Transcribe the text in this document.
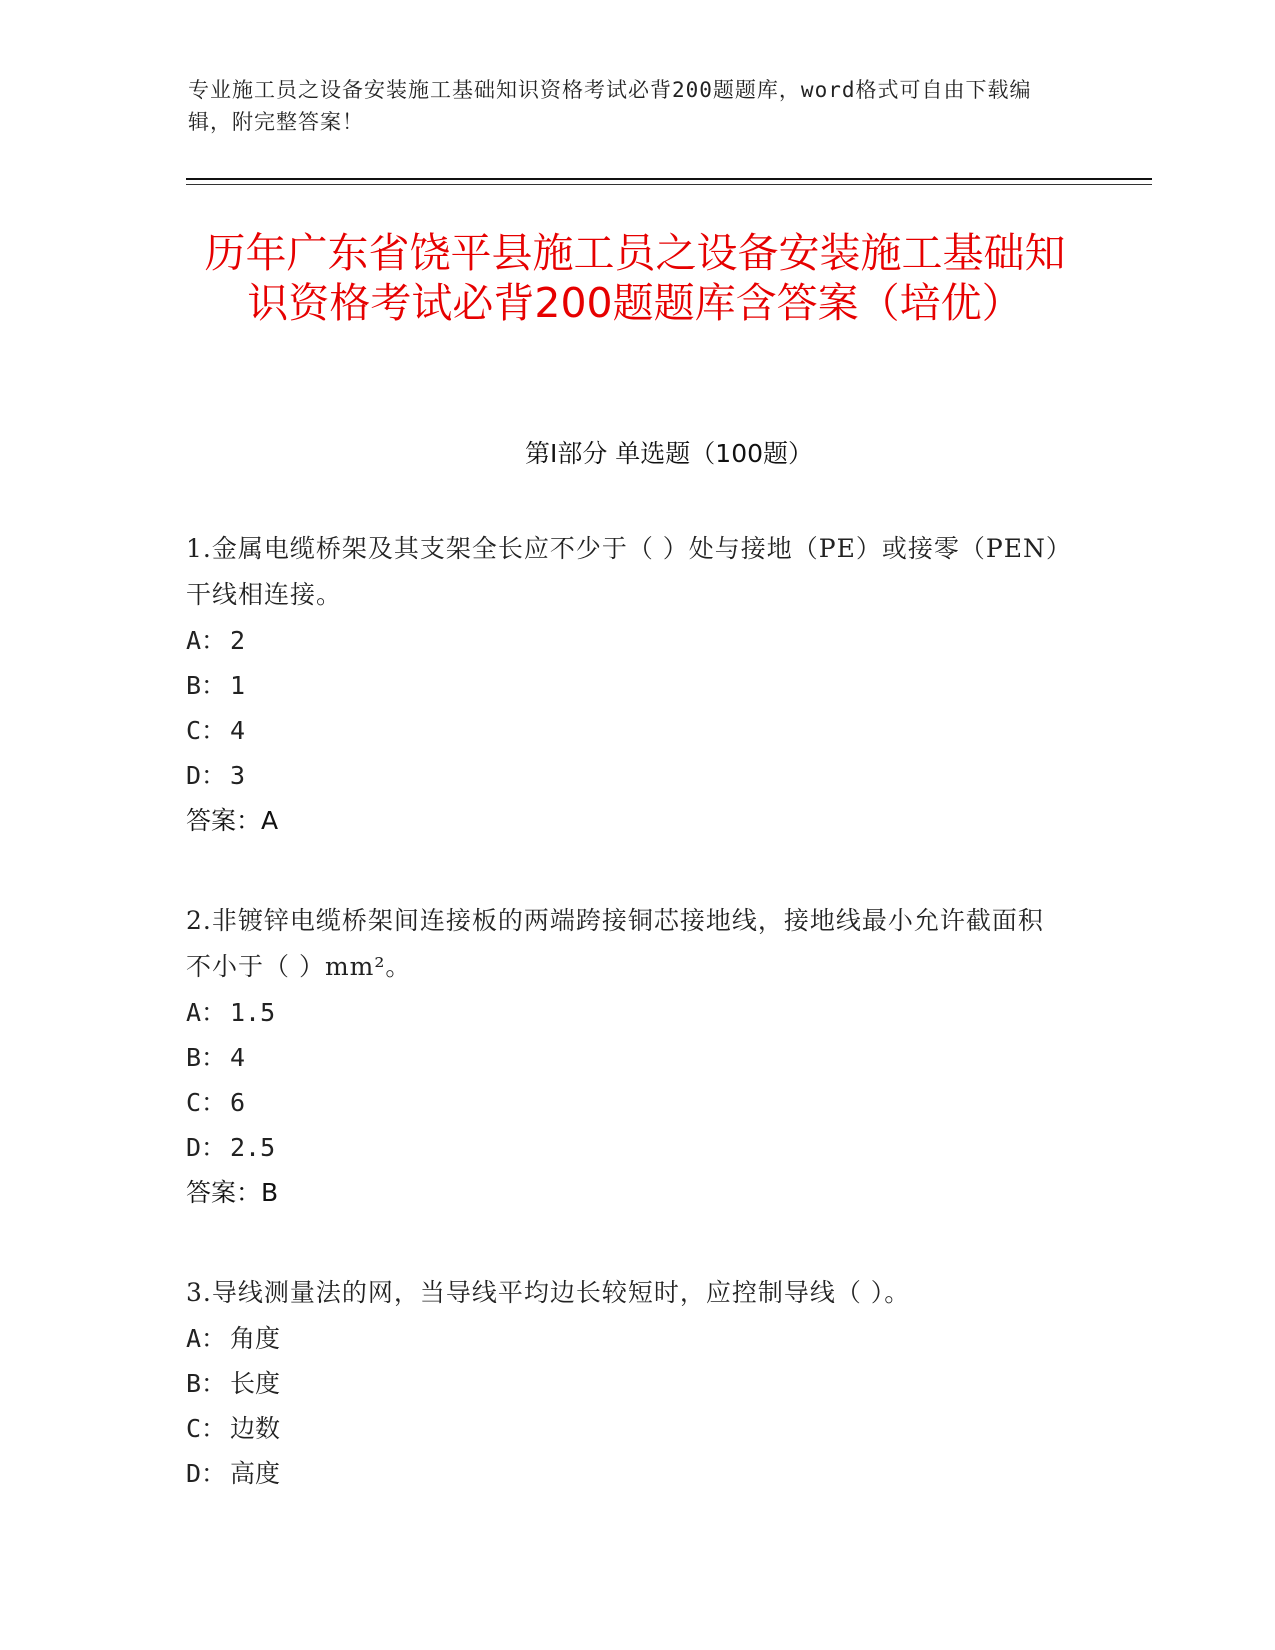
专业施工员之设备安装施工基础知识资格考试必背200题题库，word格式可自由下载编辑，附完整答案！
历年广东省饶平县施工员之设备安装施工基础知识资格考试必背200题题库含答案（培优）
第I部分 单选题（100题）

1.金属电缆桥架及其支架全长应不少于（ ）处与接地（PE）或接零（PEN）干线相连接。

A： 2
B： 1
C： 4
D： 3
答案：A

2.非镀锌电缆桥架间连接板的两端跨接铜芯接地线，接地线最小允许截面积不小于（ ）mm²。

A： 1.5
B： 4
C： 6
D： 2.5
答案：B

3.导线测量法的网，当导线平均边长较短时，应控制导线（ ）。

A： 角度
B： 长度
C： 边数
D： 高度
